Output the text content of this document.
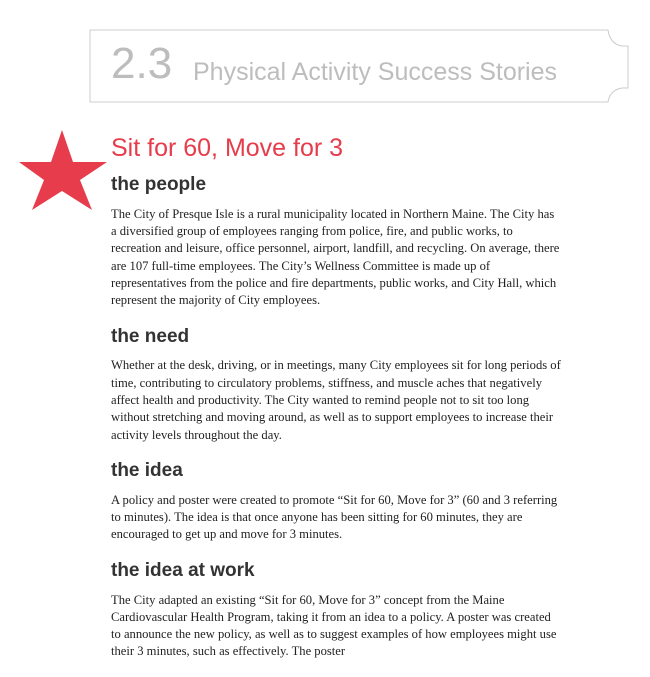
2.3 Physical Activity Success Stories
Sit for 60, Move for 3
the people

The City of Presque Isle is a rural municipality located in Northern Maine. The City has a diversified group of employees ranging from police, fire, and public works, to recreation and leisure, office personnel, airport, landfill, and recycling. On average, there are 107 full-time employees. The City’s Wellness Committee is made up of representatives from the police and fire departments, public works, and City Hall, which represent the majority of City employees.

the need

Whether at the desk, driving, or in meetings, many City employees sit for long periods of time, contributing to circulatory problems, stiffness, and muscle aches that negatively affect health and productivity. The City wanted to remind people not to sit too long without stretching and moving around, as well as to support employees to increase their activity levels throughout the day.

the idea

A policy and poster were created to promote “Sit for 60, Move for 3” (60 and 3 referring to minutes). The idea is that once anyone has been sitting for 60 minutes, they are encouraged to get up and move for 3 minutes.

the idea at work

The City adapted an existing “Sit for 60, Move for 3” concept from the Maine Cardiovascular Health Program, taking it from an idea to a policy. A poster was created to announce the new policy, as well as to suggest examples of how employees might use their 3 minutes, such as effectively. The poster
